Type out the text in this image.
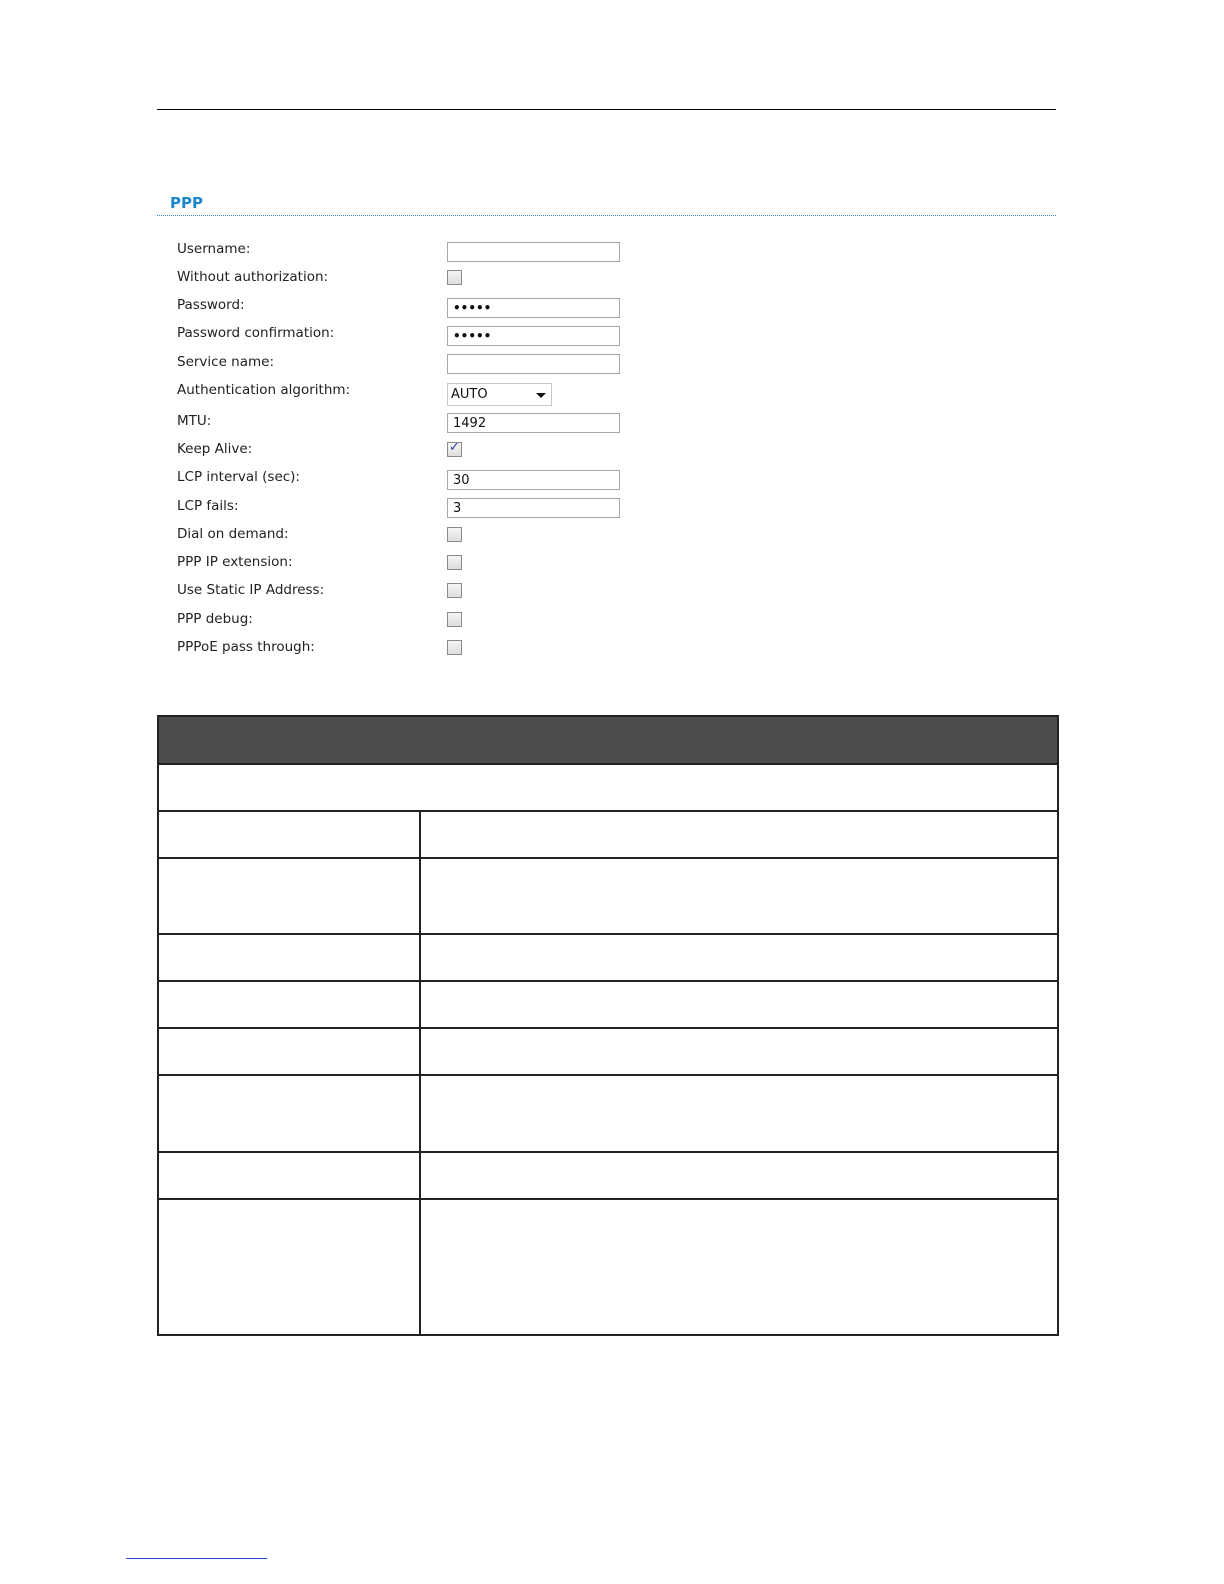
PPP
Username:
Without authorization:
Password:	•••••
Password confirmation:	•••••
Service name:
Authentication algorithm:	AUTO
MTU:	1492
Keep Alive:	✓
LCP interval (sec):	30
LCP fails:	3
Dial on demand:
PPP IP extension:
Use Static IP Address:
PPP debug:
PPPoE pass through:
